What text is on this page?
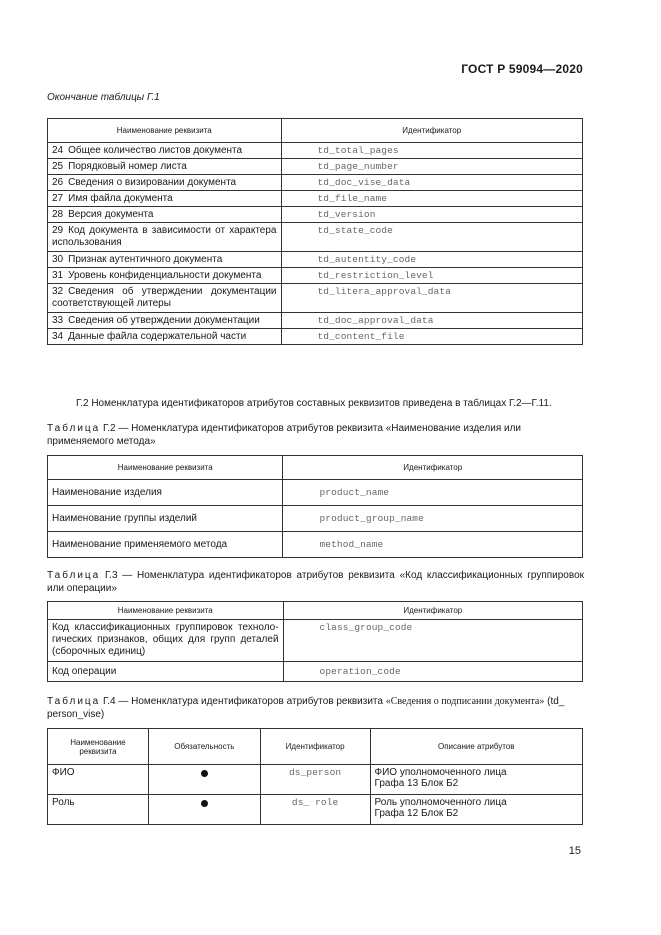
ГОСТ Р 59094—2020
Окончание таблицы Г.1
Наименование реквизита	Идентификатор
24 Общее количество листов документа	td_total_pages
25 Порядковый номер листа	td_page_number
26 Сведения о визировании документа	td_doc_vise_data
27 Имя файла документа	td_file_name
28 Версия документа	td_version
29 Код документа в зависимости от характера использования	td_state_code
30 Признак аутентичного документа	td_autentity_code
31 Уровень конфиденциальности документа	td_restriction_level
32 Сведения об утверждении документации соответствующей литеры	td_litera_approval_data
33 Сведения об утверждении документации	td_doc_approval_data
34 Данные файла содержательной части	td_content_file
Г.2 Номенклатура идентификаторов атрибутов составных реквизитов приведена в таблицах Г.2—Г.11.
Таблица Г.2 — Номенклатура идентификаторов атрибутов реквизита «Наименование изделия или применяемого метода»
Наименование реквизита	Идентификатор
Наименование изделия	product_name
Наименование группы изделий	product_group_name
Наименование применяемого метода	method_name
Таблица Г.3 — Номенклатура идентификаторов атрибутов реквизита «Код классификационных группировок или операции»
Наименование реквизита	Идентификатор
Код классификационных группировок техноло-гических признаков, общих для групп деталей (сборочных единиц)	class_group_code
Код операции	operation_code
Таблица Г.4 — Номенклатура идентификаторов атрибутов реквизита «Сведения о подписании документа» (td_ person_vise)
Наименование реквизита	Обязательность	Идентификатор	Описание атрибутов
ФИО		ds_person	ФИО уполномоченного лица
Графа 13 Блок Б2

Роль		ds_ role	Роль уполномоченного лица
Графа 12 Блок Б2
15
